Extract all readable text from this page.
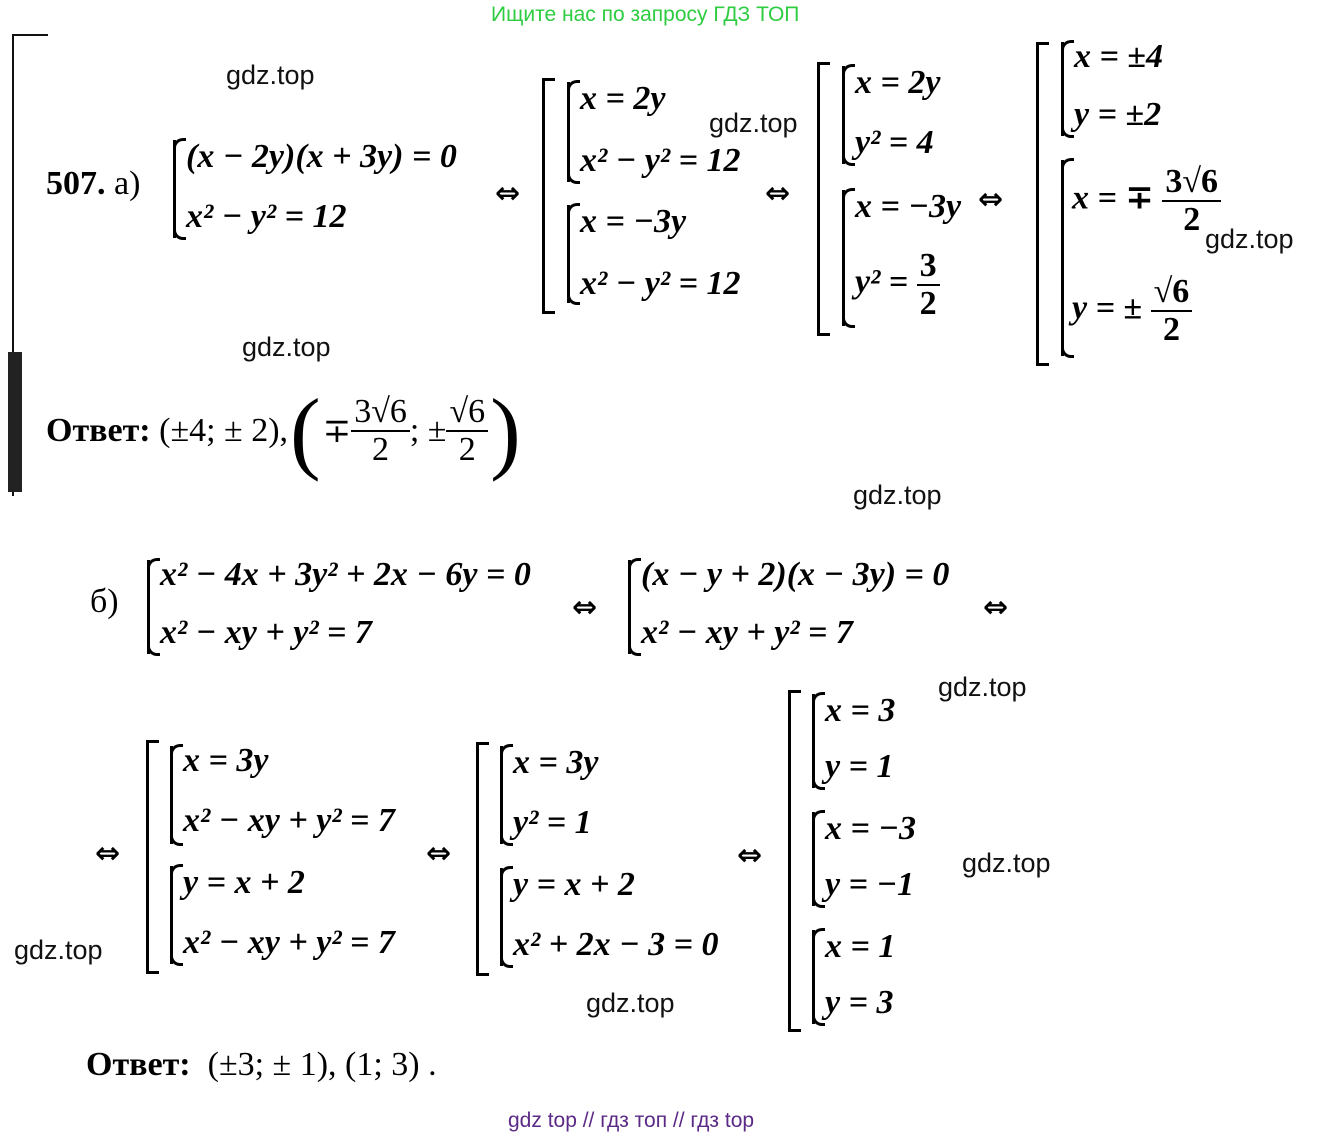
Ищите нас по запросу ГДЗ ТОП
gdz top // гдз топ // гдз top
gdz.top
gdz.top
gdz.top
gdz.top
gdz.top
gdz.top
gdz.top
gdz.top
gdz.top
507. а)
(x − 2y)(x + 3y) = 0
x² − y² = 12
⇔
x = 2y
x² − y² = 12
x = −3y
x² − y² = 12
⇔
x = 2y
y² = 4
x = −3y
$y^2 = \frac{3}{2}$
⇔
x = ±4
y = ±2
x = ∓ $\frac{3√6}{2}$
y = ± $\frac{√6}{2}$
Ответ:
(±4; ± 2), ( ∓ $\frac{3√6}{2}$ ; ± $\frac{√6}{2}$ )
б)
x² − 4x + 3y² + 2x − 6y = 0
x² − xy + y² = 7
⇔
(x − y + 2)(x − 3y) = 0
x² − xy + y² = 7
⇔
⇔
x = 3y
x² − xy + y² = 7
y = x + 2
x² − xy + y² = 7
⇔
x = 3y
y² = 1
y = x + 2
x² + 2x − 3 = 0
⇔
x = 3
y = 1
x = −3
y = −1
x = 1
y = 3
Ответ: (±3; ± 1), (1; 3) .
